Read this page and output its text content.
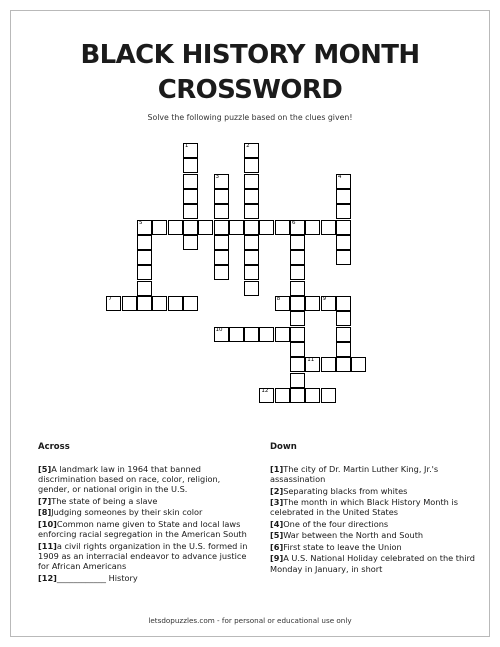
BLACK HISTORY MONTH
CROSSWORD
Solve the following puzzle based on the clues given!
1	2
3	4
5	6
7	8	9
10
11
12
Across	Down
[5]A landmark law in 1964 that banned discrimination based on race, color, religion, gender, or national origin in the U.S.
[7]The state of being a slave
[8]Judging someones by their skin color
[10]Common name given to State and local laws enforcing racial segregation in the American South
[11]a civil rights organization in the U.S. formed in 1909 as an interracial endeavor to advance justice for African Americans
[12]____________ History
[1]The city of Dr. Martin Luther King, Jr.'s assassination
[2]Separating blacks from whites
[3]The month in which Black History Month is celebrated in the United States
[4]One of the four directions
[5]War between the North and South
[6]First state to leave the Union
[9]A U.S. National Holiday celebrated on the third Monday in January, in short
letsdopuzzles.com - for personal or educational use only
